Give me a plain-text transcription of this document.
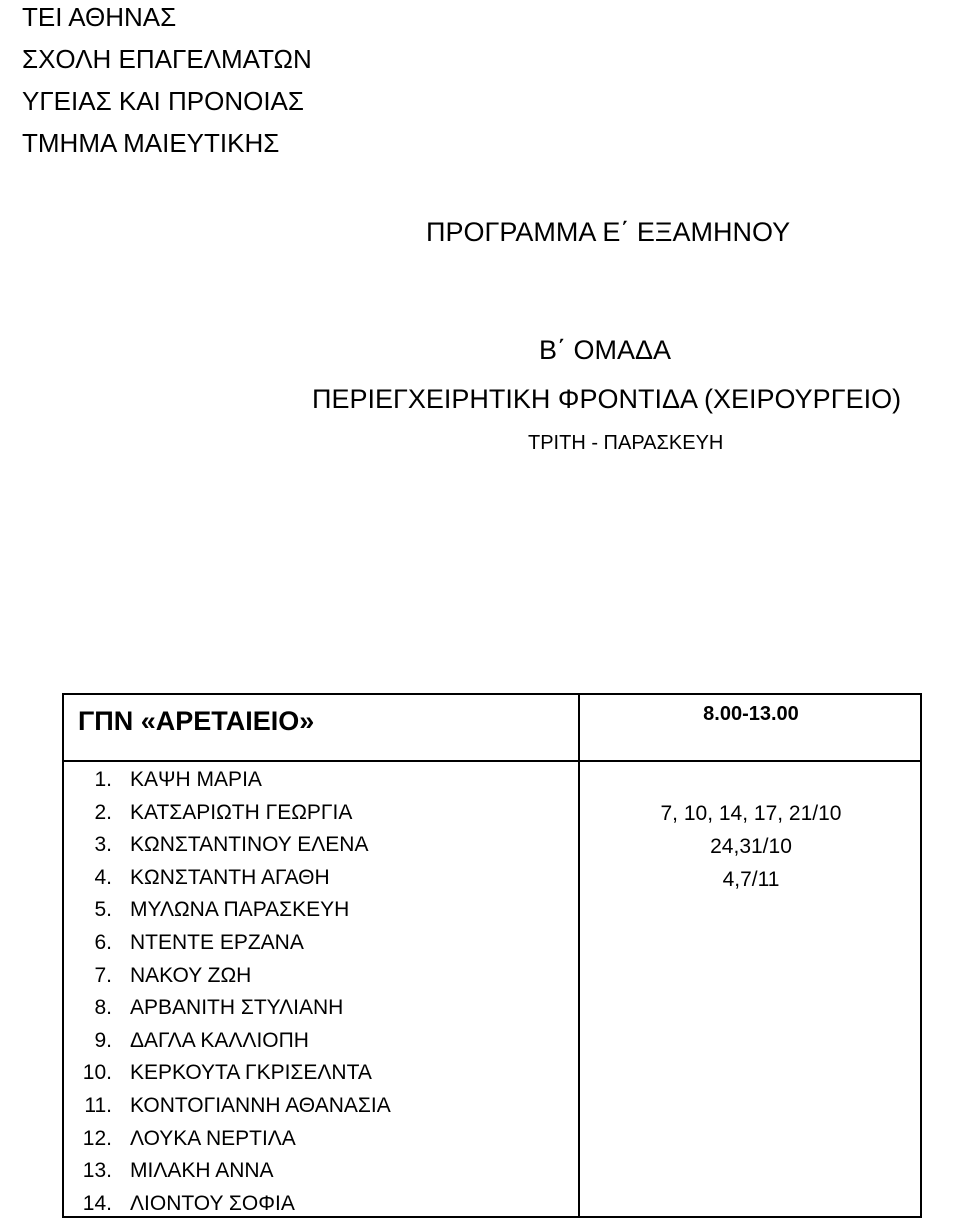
ΤΕΙ ΑΘΗΝΑΣ
ΣΧΟΛΗ ΕΠΑΓΕΛΜΑΤΩΝ
ΥΓΕΙΑΣ ΚΑΙ ΠΡΟΝΟΙΑΣ
ΤΜΗΜΑ ΜΑΙΕΥΤΙΚΗΣ
ΠΡΟΓΡΑΜΜΑ Ε΄ ΕΞΑΜΗΝΟΥ
Β΄ ΟΜΑΔΑ
ΠΕΡΙΕΓΧΕΙΡΗΤΙΚΗ ΦΡΟΝΤΙΔΑ (ΧΕΙΡΟΥΡΓΕΙΟ)
ΤΡΙΤΗ - ΠΑΡΑΣΚΕΥΗ
ΓΠΝ «ΑΡΕΤΑΙΕΙΟ»	8.00-13.00
1. ΚΑΨΗ ΜΑΡΙΑ
2. ΚΑΤΣΑΡΙΩΤΗ ΓΕΩΡΓΙΑ
3. ΚΩΝΣΤΑΝΤΙΝΟΥ ΕΛΕΝΑ
4. ΚΩΝΣΤΑΝΤΗ ΑΓΑΘΗ
5. ΜΥΛΩΝΑ ΠΑΡΑΣΚΕΥΗ
6. ΝΤΕΝΤΕ ΕΡΖΑΝΑ
7. ΝΑΚΟΥ ΖΩΗ
8. ΑΡΒΑΝΙΤΗ ΣΤΥΛΙΑΝΗ
9. ΔΑΓΛΑ ΚΑΛΛΙΟΠΗ
10. ΚΕΡΚΟΥΤΑ ΓΚΡΙΣΕΛΝΤΑ
11. ΚΟΝΤΟΓΙΑΝΝΗ ΑΘΑΝΑΣΙΑ
12. ΛΟΥΚΑ ΝΕΡΤΙΛΑ
13. ΜΙΛΑΚΗ ΑΝΝΑ
14. ΛΙΟΝΤΟΥ ΣΟΦΙΑ
7, 10, 14, 17, 21/10
24,31/10
4,7/11
